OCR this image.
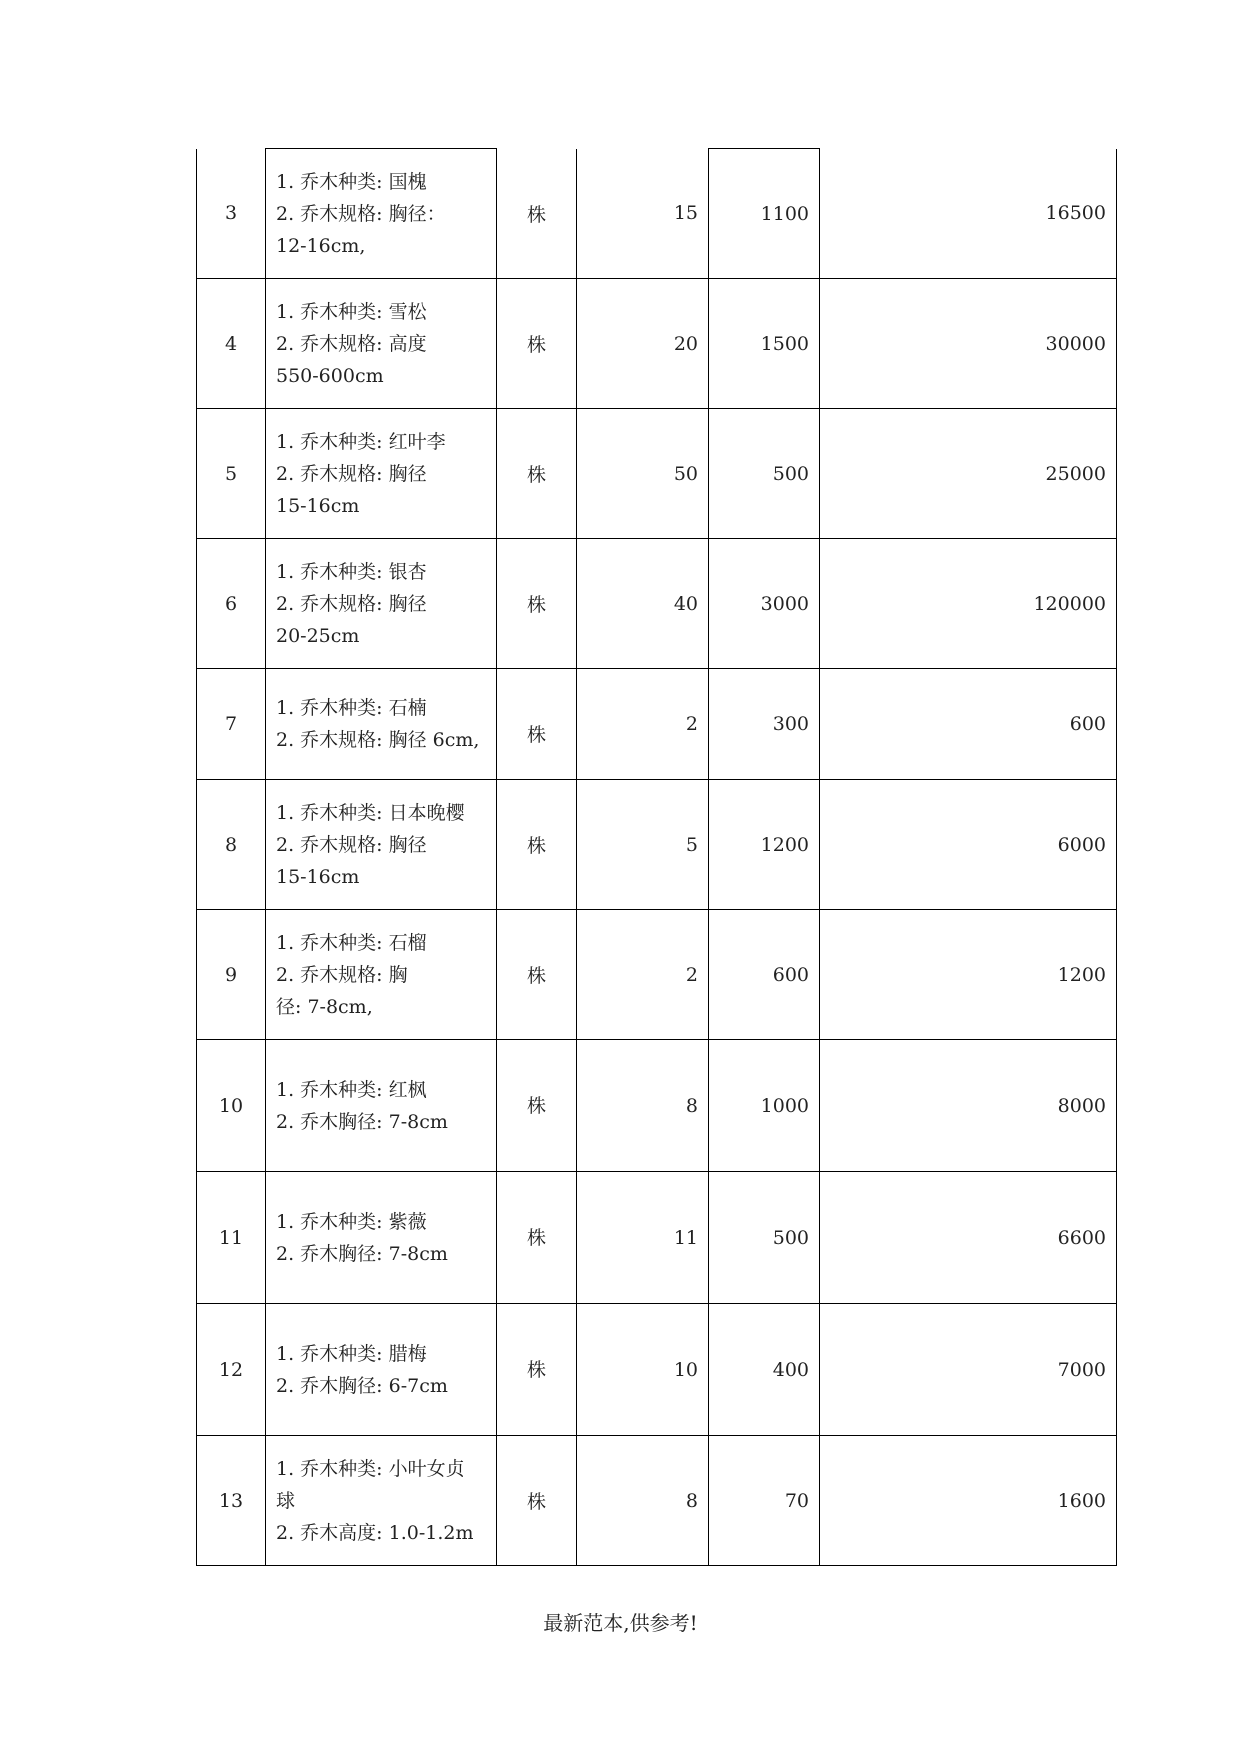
3	1. 乔木种类: 国槐
2. 乔木规格: 胸径：
12-16cm,	株	15	1100	16500
4	1. 乔木种类: 雪松
2. 乔木规格: 高度
550-600cm	株	20	1500	30000
5	1. 乔木种类: 红叶李
2. 乔木规格: 胸径
15-16cm	株	50	500	25000
6	1. 乔木种类: 银杏
2. 乔木规格: 胸径
20-25cm	株	40	3000	120000
7	1. 乔木种类: 石楠
2. 乔木规格: 胸径 6cm,	株	2	300	600
8	1. 乔木种类: 日本晚樱
2. 乔木规格: 胸径
15-16cm	株	5	1200	6000
9	1. 乔木种类: 石榴
2. 乔木规格: 胸
径: 7-8cm,	株	2	600	1200
10	1. 乔木种类: 红枫
2. 乔木胸径: 7-8cm	株	8	1000	8000
11	1. 乔木种类: 紫薇
2. 乔木胸径: 7-8cm	株	11	500	6600
12	1. 乔木种类: 腊梅
2. 乔木胸径: 6-7cm	株	10	400	7000
13	1. 乔木种类: 小叶女贞
球
2. 乔木高度: 1.0-1.2m	株	8	70	1600
最新范本,供参考!
